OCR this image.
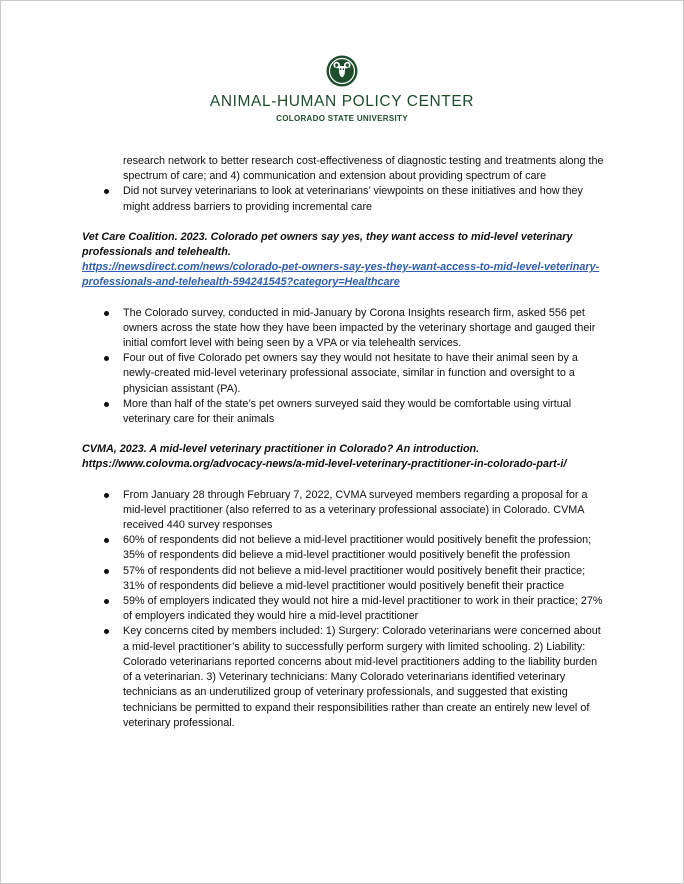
ANIMAL-HUMAN POLICY CENTER
COLORADO STATE UNIVERSITY
research network to better research cost-effectiveness of diagnostic testing and treatments along the spectrum of care; and 4) communication and extension about providing spectrum of care
Did not survey veterinarians to look at veterinarians’ viewpoints on these initiatives and how they might address barriers to providing incremental care
Vet Care Coalition. 2023. Colorado pet owners say yes, they want access to mid-level veterinary professionals and telehealth.
https://newsdirect.com/news/colorado-pet-owners-say-yes-they-want-access-to-mid-level-veterinary-professionals-and-telehealth-594241545?category=Healthcare
The Colorado survey, conducted in mid-January by Corona Insights research firm, asked 556 pet owners across the state how they have been impacted by the veterinary shortage and gauged their initial comfort level with being seen by a VPA or via telehealth services.
Four out of five Colorado pet owners say they would not hesitate to have their animal seen by a newly-created mid-level veterinary professional associate, similar in function and oversight to a physician assistant (PA).
More than half of the state’s pet owners surveyed said they would be comfortable using virtual veterinary care for their animals
CVMA, 2023. A mid-level veterinary practitioner in Colorado? An introduction.
https://www.colovma.org/advocacy-news/a-mid-level-veterinary-practitioner-in-colorado-part-i/
From January 28 through February 7, 2022, CVMA surveyed members regarding a proposal for a mid-level practitioner (also referred to as a veterinary professional associate) in Colorado. CVMA received 440 survey responses
60% of respondents did not believe a mid-level practitioner would positively benefit the profession; 35% of respondents did believe a mid-level practitioner would positively benefit the profession
57% of respondents did not believe a mid-level practitioner would positively benefit their practice; 31% of respondents did believe a mid-level practitioner would positively benefit their practice
59% of employers indicated they would not hire a mid-level practitioner to work in their practice; 27% of employers indicated they would hire a mid-level practitioner
Key concerns cited by members included: 1) Surgery: Colorado veterinarians were concerned about a mid-level practitioner’s ability to successfully perform surgery with limited schooling. 2) Liability: Colorado veterinarians reported concerns about mid-level practitioners adding to the liability burden of a veterinarian. 3) Veterinary technicians: Many Colorado veterinarians identified veterinary technicians as an underutilized group of veterinary professionals, and suggested that existing technicians be permitted to expand their responsibilities rather than create an entirely new level of veterinary professional.
